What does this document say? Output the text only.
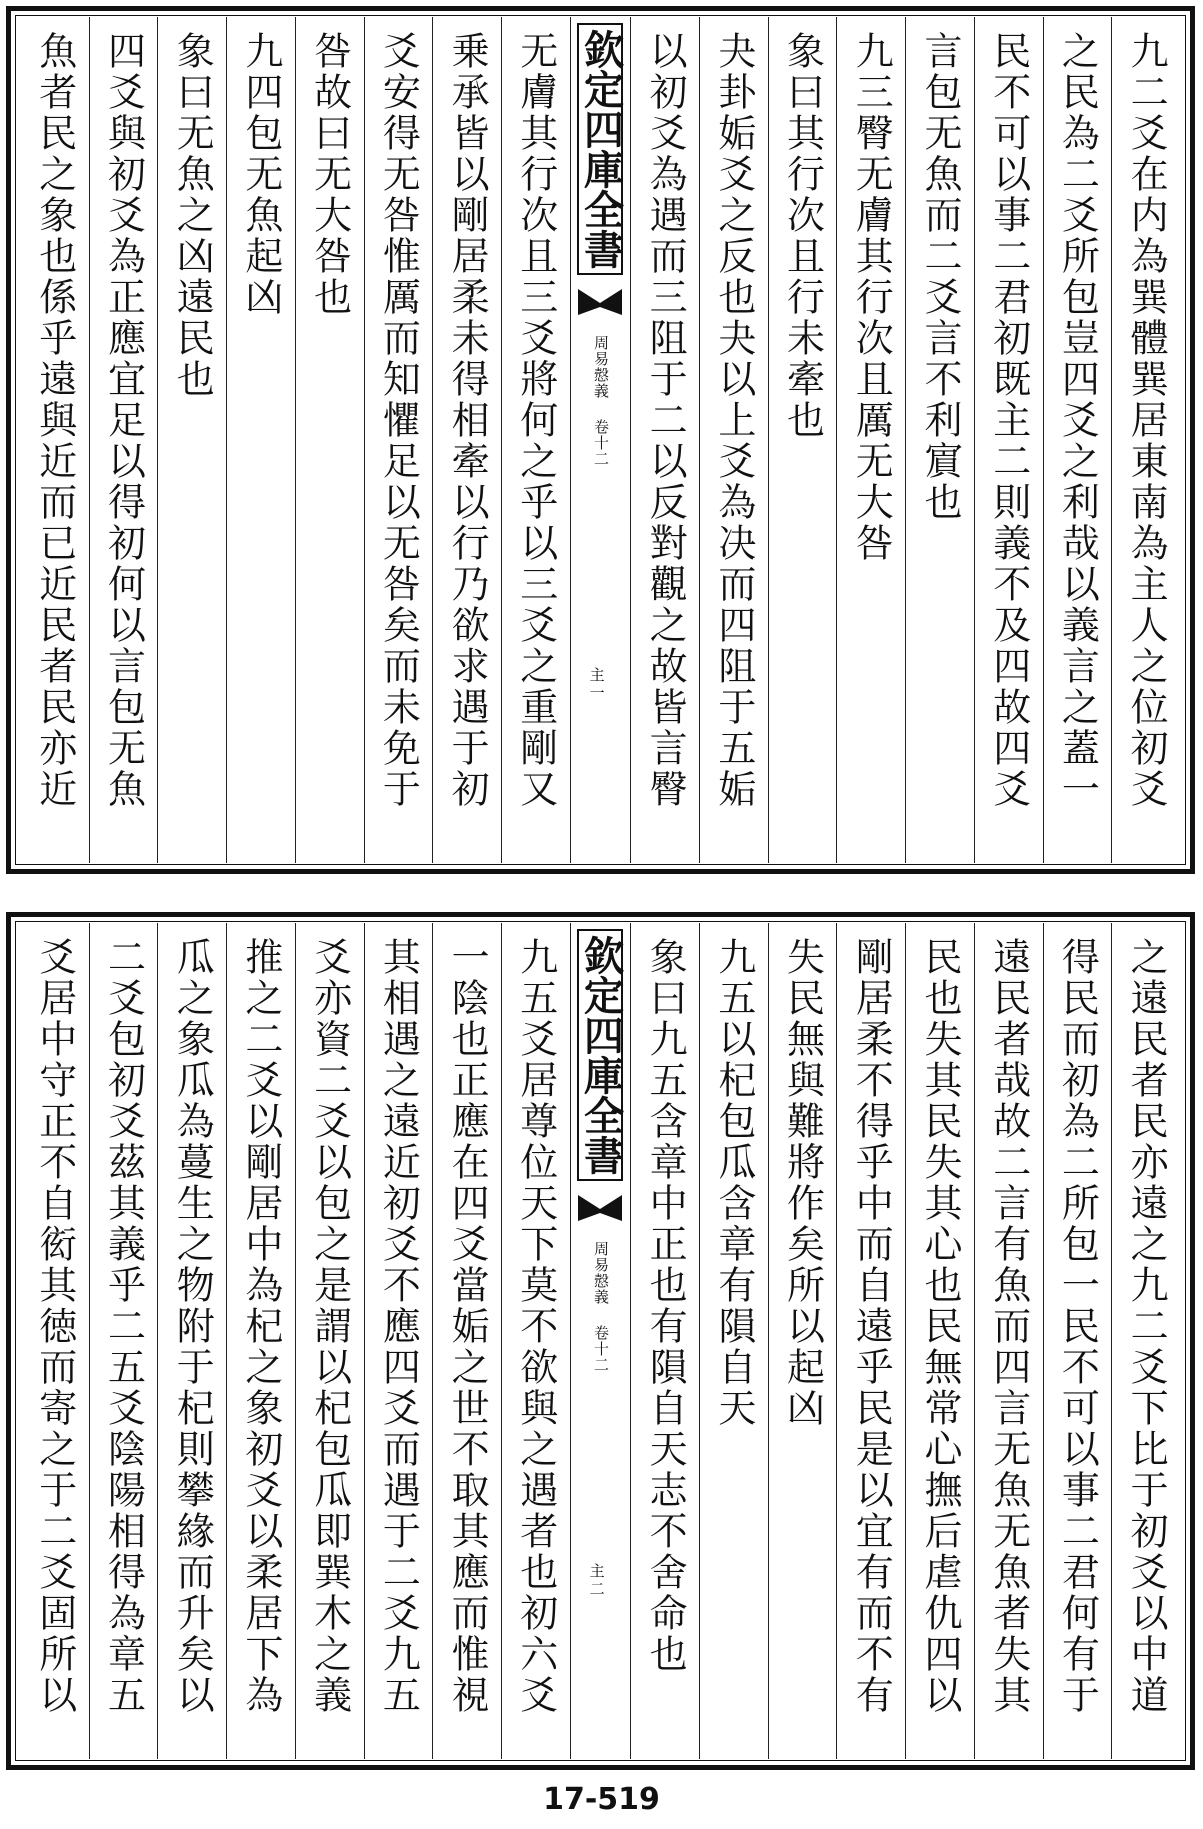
九二爻在内為巽體巽居東南為主人之位初爻
之民為二爻所包豈四爻之利哉以義言之蓋一
民不可以事二君初既主二則義不及四故四爻
言包无魚而二爻言不利賔也
九三臀无膚其行次且厲无大咎
象曰其行次且行未牽也
夬卦姤爻之反也夬以上爻為决而四阻于五姤
以初爻為遇而三阻于二以反對觀之故皆言臀
欽定四庫全書
周易慤義
卷十二
主一
无膚其行次且三爻將何之乎以三爻之重剛又
乗承皆以剛居柔未得相牽以行乃欲求遇于初
爻安得无咎惟厲而知懼足以无咎矣而未免于
咎故曰无大咎也
九四包无魚起凶
象曰无魚之凶遠民也
四爻與初爻為正應宜足以得初何以言包无魚
魚者民之象也係乎遠與近而已近民者民亦近
之遠民者民亦遠之九二爻下比于初爻以中道
得民而初為二所包一民不可以事二君何有于
遠民者哉故二言有魚而四言无魚无魚者失其
民也失其民失其心也民無常心撫后虐仇四以
剛居柔不得乎中而自遠乎民是以宜有而不有
失民無與難將作矣所以起凶
九五以杞包瓜含章有隕自天
象曰九五含章中正也有隕自天志不舍命也
欽定四庫全書
周易慤義
卷十二
主二
九五爻居尊位天下莫不欲與之遇者也初六爻
一陰也正應在四爻當姤之世不取其應而惟視
其相遇之遠近初爻不應四爻而遇于二爻九五
爻亦資二爻以包之是謂以杞包瓜即巽木之義
推之二爻以剛居中為杞之象初爻以柔居下為
瓜之象瓜為蔓生之物附于杞則攀緣而升矣以
二爻包初爻茲其義乎二五爻陰陽相得為章五
爻居中守正不自衒其徳而寄之于二爻固所以
17-519
